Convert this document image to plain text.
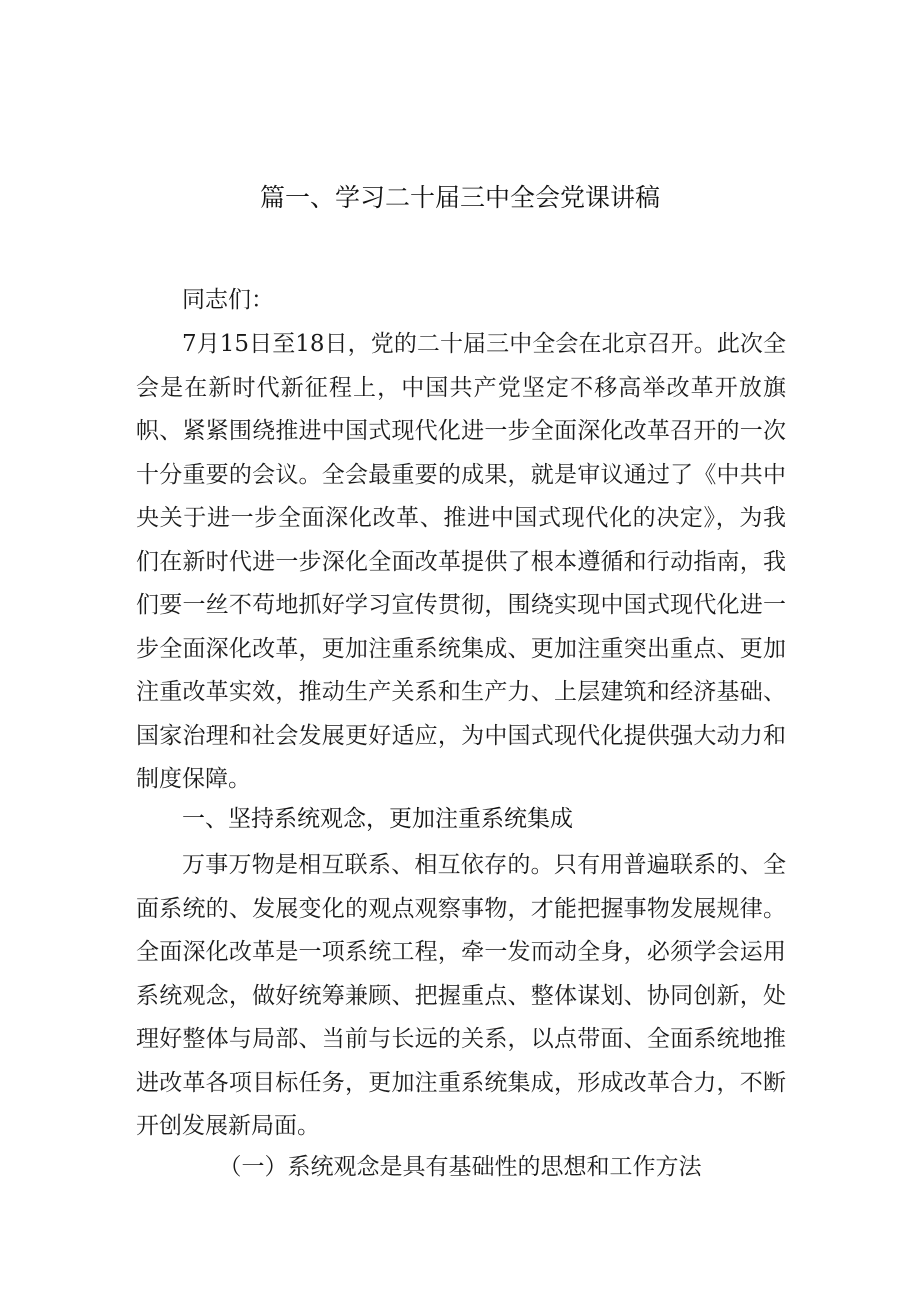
篇一、学习二十届三中全会党课讲稿

同志们：

7月15日至18日，党的二十届三中全会在北京召开。此次全会是在新时代新征程上，中国共产党坚定不移高举改革开放旗帜、紧紧围绕推进中国式现代化进一步全面深化改革召开的一次十分重要的会议。全会最重要的成果，就是审议通过了《中共中央关于进一步全面深化改革、推进中国式现代化的决定》，为我们在新时代进一步深化全面改革提供了根本遵循和行动指南，我们要一丝不苟地抓好学习宣传贯彻，围绕实现中国式现代化进一步全面深化改革，更加注重系统集成、更加注重突出重点、更加注重改革实效，推动生产关系和生产力、上层建筑和经济基础、国家治理和社会发展更好适应，为中国式现代化提供强大动力和制度保障。

一、坚持系统观念，更加注重系统集成

万事万物是相互联系、相互依存的。只有用普遍联系的、全面系统的、发展变化的观点观察事物，才能把握事物发展规律。全面深化改革是一项系统工程，牵一发而动全身，必须学会运用系统观念，做好统筹兼顾、把握重点、整体谋划、协同创新，处理好整体与局部、当前与长远的关系，以点带面、全面系统地推进改革各项目标任务，更加注重系统集成，形成改革合力，不断开创发展新局面。

（一）系统观念是具有基础性的思想和工作方法
